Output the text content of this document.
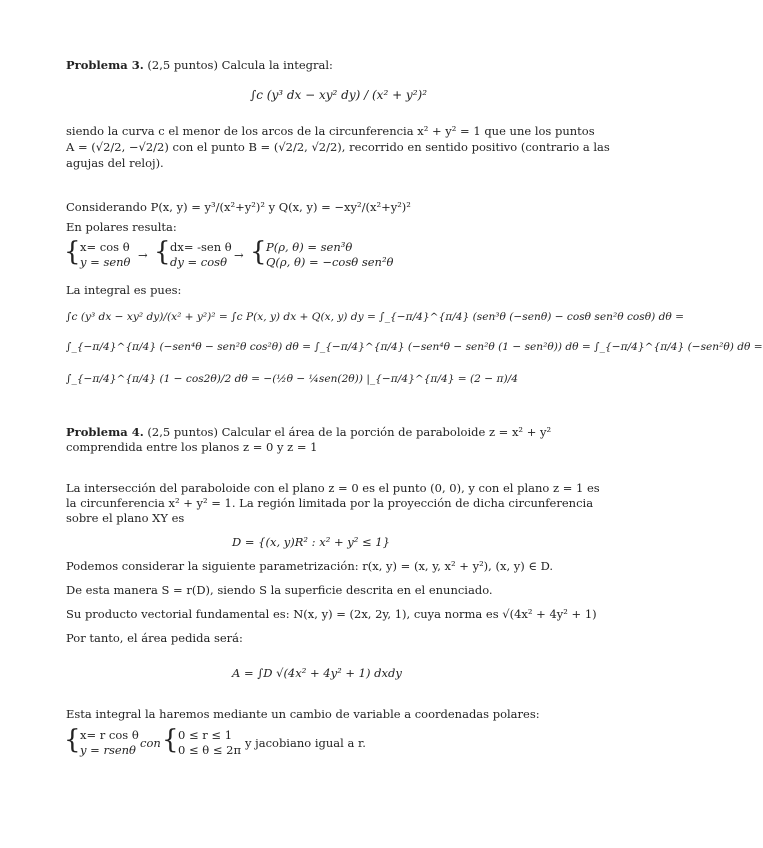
Problema 3. (2,5 puntos) Calcula la integral:
∫c (y³ dx − xy² dy) / (x² + y²)²
siendo la curva c el menor de los arcos de la circunferencia x² + y² = 1 que une los puntos
A = (√2/2, −√2/2) con el punto B = (√2/2, √2/2), recorrido en sentido positivo (contrario a las
agujas del reloj).
Considerando P(x, y) = y³/(x²+y²)² y Q(x, y) = −xy²/(x²+y²)²
En polares resulta:
{ x= cos θ
y = senθ → { dx= -sen θ
dy = cosθ → { P(ρ, θ) = sen³θ
Q(ρ, θ) = −cosθ sen²θ
La integral es pues:
∫c (y³ dx − xy² dy)/(x² + y²)² = ∫c P(x, y) dx + Q(x, y) dy = ∫_{−π/4}^{π/4} (sen³θ (−senθ) − cosθ sen²θ cosθ) dθ =
∫_{−π/4}^{π/4} (−sen⁴θ − sen²θ cos²θ) dθ = ∫_{−π/4}^{π/4} (−sen⁴θ − sen²θ (1 − sen²θ)) dθ = ∫_{−π/4}^{π/4} (−sen²θ) dθ =
∫_{−π/4}^{π/4} (1 − cos2θ)/2 dθ = −(½θ − ¼sen(2θ)) |_{−π/4}^{π/4} = (2 − π)/4
Problema 4. (2,5 puntos) Calcular el área de la porción de paraboloide z = x² + y²
comprendida entre los planos z = 0 y z = 1
La intersección del paraboloide con el plano z = 0 es el punto (0, 0), y con el plano z = 1 es
la circunferencia x² + y² = 1. La región limitada por la proyección de dicha circunferencia
sobre el plano XY es
D = {(x, y)R² : x² + y² ≤ 1}
Podemos considerar la siguiente parametrización: r(x, y) = (x, y, x² + y²), (x, y) ∈ D.
De esta manera S = r(D), siendo S la superficie descrita en el enunciado.
Su producto vectorial fundamental es: N(x, y) = (2x, 2y, 1), cuya norma es √(4x² + 4y² + 1)
Por tanto, el área pedida será:
A = ∫D √(4x² + 4y² + 1) dxdy
Esta integral la haremos mediante un cambio de variable a coordenadas polares:
{ x= r cos θ
y = rsenθ con { 0 ≤ r ≤ 1
0 ≤ θ ≤ 2π y jacobiano igual a r.
